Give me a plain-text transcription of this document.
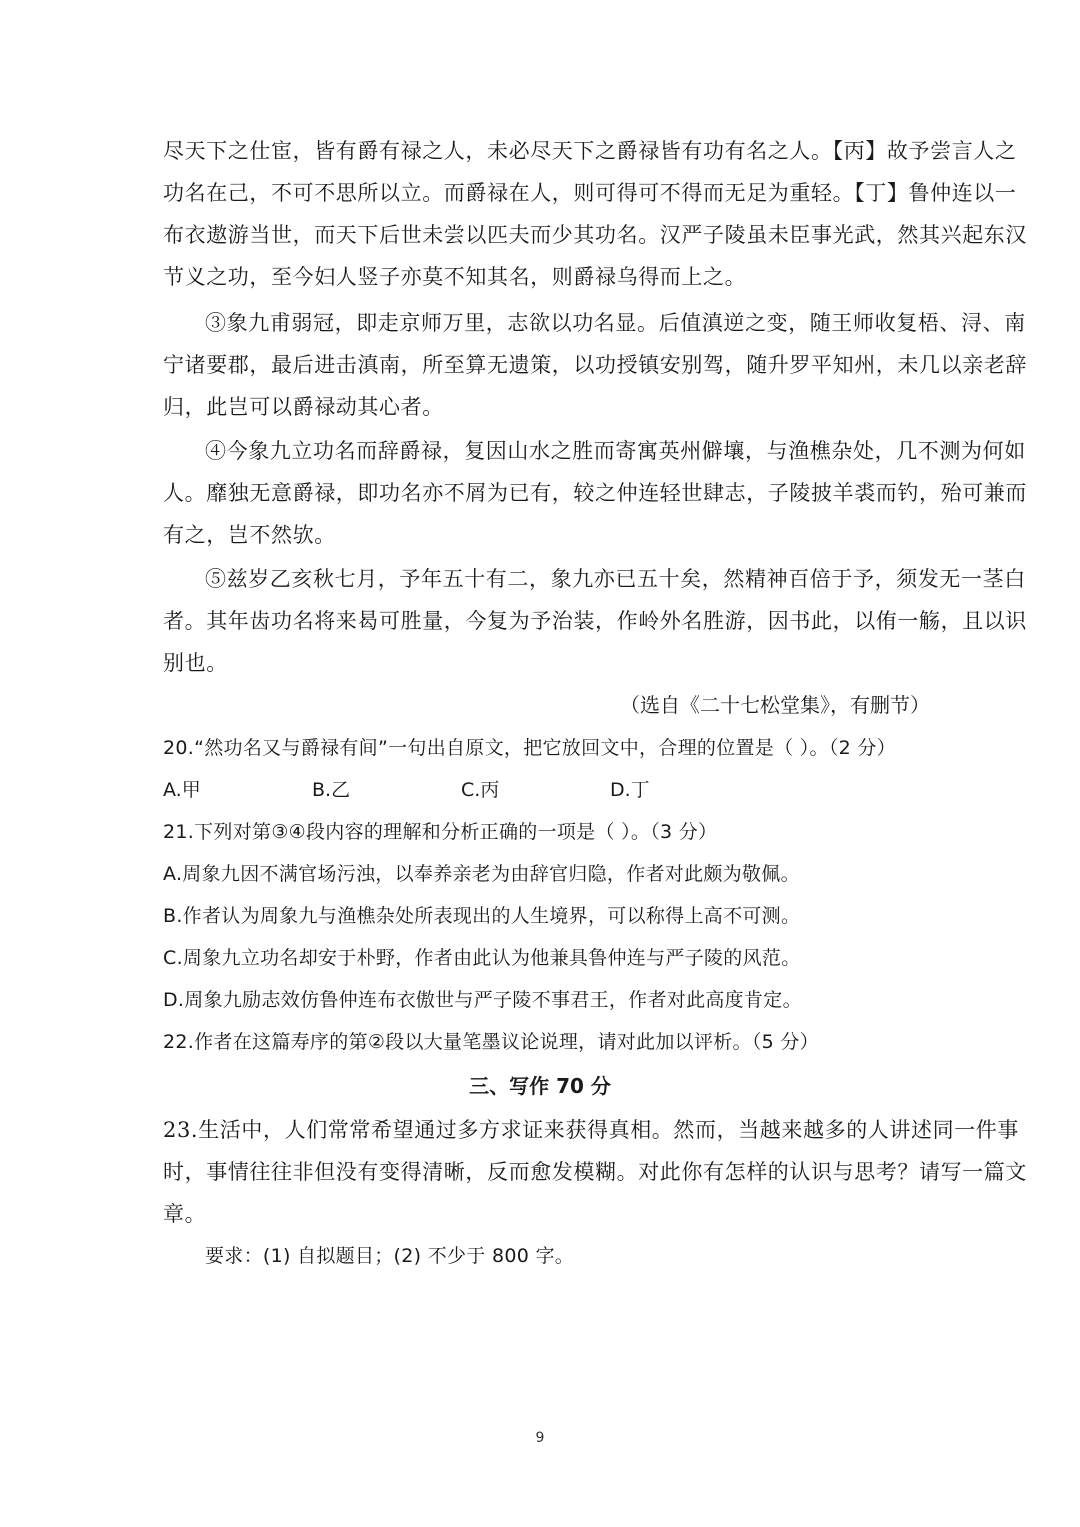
尽天下之仕宦，皆有爵有禄之人，未必尽天下之爵禄皆有功有名之人。【丙】故予尝言人之
功名在己，不可不思所以立。而爵禄在人，则可得可不得而无足为重轻。【丁】鲁仲连以一
布衣遨游当世，而天下后世未尝以匹夫而少其功名。汉严子陵虽未臣事光武，然其兴起东汉
节义之功，至今妇人竖子亦莫不知其名，则爵禄乌得而上之。
③象九甫弱冠，即走京师万里，志欲以功名显。后值滇逆之变，随王师收复梧、浔、南
宁诸要郡，最后进击滇南，所至算无遗策，以功授镇安别驾，随升罗平知州，未几以亲老辞
归，此岂可以爵禄动其心者。
④今象九立功名而辞爵禄，复因山水之胜而寄寓英州僻壤，与渔樵杂处，几不测为何如
人。靡独无意爵禄，即功名亦不屑为已有，较之仲连轻世肆志，子陵披羊裘而钓，殆可兼而
有之，岂不然欤。
⑤兹岁乙亥秋七月，予年五十有二，象九亦已五十矣，然精神百倍于予，须发无一茎白
者。其年齿功名将来曷可胜量，今复为予治装，作岭外名胜游，因书此，以侑一觞，且以识
别也。
（选自《二十七松堂集》，有删节）
20.“然功名又与爵禄有间”一句出自原文，把它放回文中，合理的位置是（ ）。（2 分）
A.甲	B.乙	C.丙	D.丁
21.下列对第③④段内容的理解和分析正确的一项是（ ）。（3 分）
A.周象九因不满官场污浊，以奉养亲老为由辞官归隐，作者对此颇为敬佩。
B.作者认为周象九与渔樵杂处所表现出的人生境界，可以称得上高不可测。
C.周象九立功名却安于朴野，作者由此认为他兼具鲁仲连与严子陵的风范。
D.周象九励志效仿鲁仲连布衣傲世与严子陵不事君王，作者对此高度肯定。
22.作者在这篇寿序的第②段以大量笔墨议论说理，请对此加以评析。（5 分）
三、写作 70 分
23.生活中，人们常常希望通过多方求证来获得真相。然而，当越来越多的人讲述同一件事
时，事情往往非但没有变得清晰，反而愈发模糊。对此你有怎样的认识与思考？请写一篇文
章。
要求：(1) 自拟题目；(2) 不少于 800 字。
9
